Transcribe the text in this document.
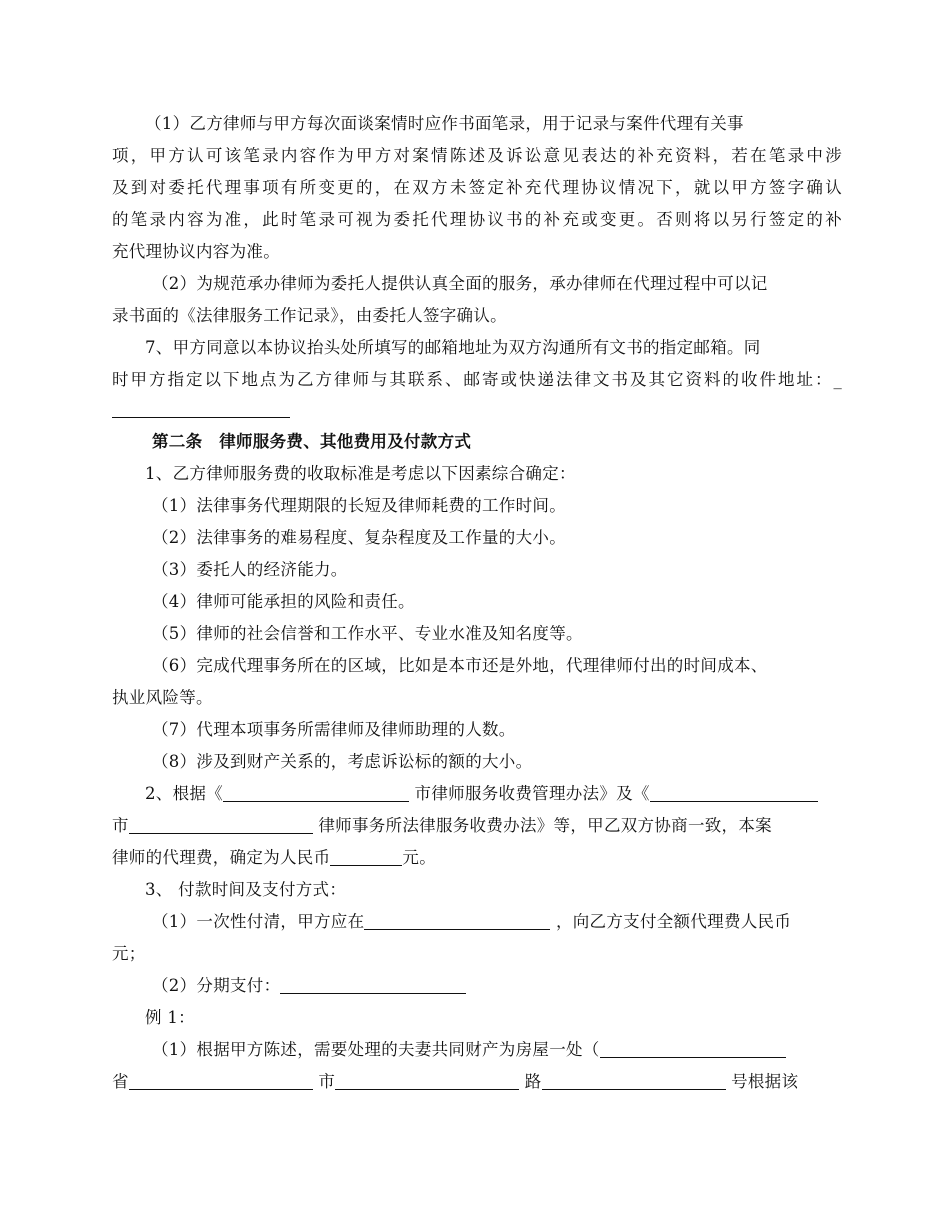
（1）乙方律师与甲方每次面谈案情时应作书面笔录，用于记录与案件代理有关事
项，甲方认可该笔录内容作为甲方对案情陈述及诉讼意见表达的补充资料，若在笔录中涉
及到对委托代理事项有所变更的，在双方未签定补充代理协议情况下，就以甲方签字确认
的笔录内容为准，此时笔录可视为委托代理协议书的补充或变更。否则将以另行签定的补
充代理协议内容为准。
（2）为规范承办律师为委托人提供认真全面的服务，承办律师在代理过程中可以记
录书面的《法律服务工作记录》，由委托人签字确认。
7、甲方同意以本协议抬头处所填写的邮箱地址为双方沟通所有文书的指定邮箱。同
时甲方指定以下地点为乙方律师与其联系、邮寄或快递法律文书及其它资料的收件地址：_
第二条　律师服务费、其他费用及付款方式
1、乙方律师服务费的收取标准是考虑以下因素综合确定：
（1）法律事务代理期限的长短及律师耗费的工作时间。
（2）法律事务的难易程度、复杂程度及工作量的大小。
（3）委托人的经济能力。
（4）律师可能承担的风险和责任。
（5）律师的社会信誉和工作水平、专业水准及知名度等。
（6）完成代理事务所在的区域，比如是本市还是外地，代理律师付出的时间成本、
执业风险等。
（7）代理本项事务所需律师及律师助理的人数。
（8）涉及到财产关系的，考虑诉讼标的额的大小。
2、根据《	市律师服务收费管理办法》及《
市	律师事务所法律服务收费办法》等，甲乙双方协商一致，本案
律师的代理费，确定为人民币	元。
3、 付款时间及支付方式：
（1）一次性付清，甲方应在	，向乙方支付全额代理费人民币
元；
（2）分期支付：
例 1：
（1）根据甲方陈述，需要处理的夫妻共同财产为房屋一处（
省	市	路	号根据该
